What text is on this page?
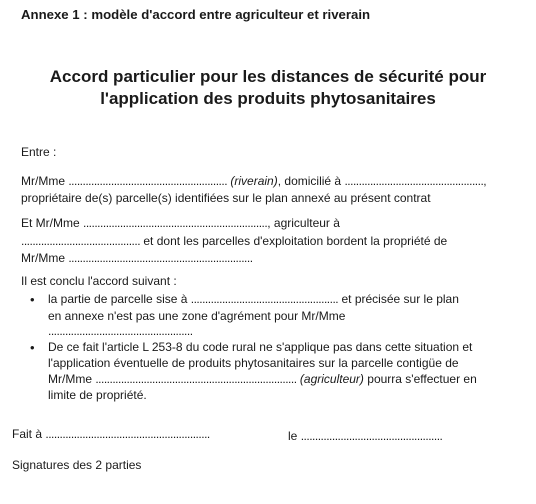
Annexe 1 : modèle d'accord entre agriculteur et riverain
Accord particulier pour les distances de sécurité pour
l'application des produits phytosanitaires
Entre :
Mr/Mme ........................................................ (riverain), domicilié à .................................................,
propriétaire de(s) parcelle(s) identifiées sur le plan annexé au présent contrat
Et Mr/Mme ................................................................., agriculteur à
.......................................... et dont les parcelles d'exploitation bordent la propriété de
Mr/Mme .................................................................
Il est conclu l'accord suivant :
• la partie de parcelle sise à .................................................... et précisée sur le plan
en annexe n'est pas une zone d'agrément pour Mr/Mme
...................................................
• De ce fait l'article L 253-8 du code rural ne s'applique pas dans cette situation et
l'application éventuelle de produits phytosanitaires sur la parcelle contigüe de
Mr/Mme ....................................................................... (agriculteur) pourra s'effectuer en
limite de propriété.
Fait à ..........................................................	le ..................................................
Signatures des 2 parties
